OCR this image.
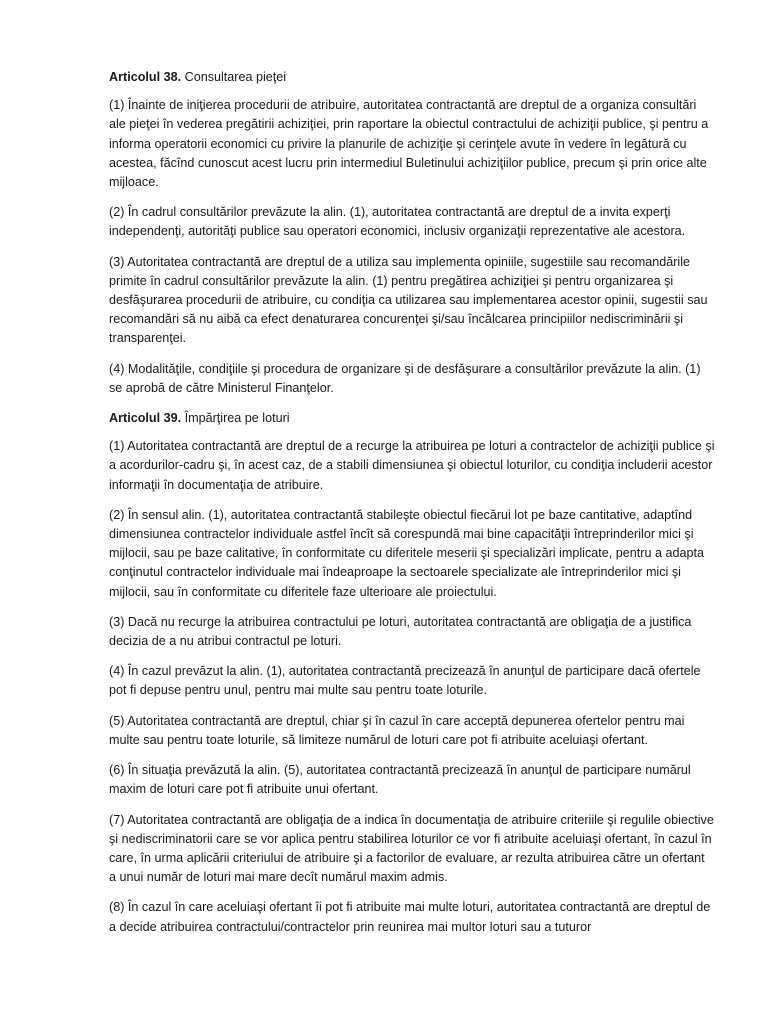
Articolul 38. Consultarea pieţei

(1) Înainte de iniţierea procedurii de atribuire, autoritatea contractantă are dreptul de a organiza consultări ale pieţei în vederea pregătirii achiziţiei, prin raportare la obiectul contractului de achiziţii publice, şi pentru a informa operatorii economici cu privire la planurile de achiziţie şi cerinţele avute în vedere în legătură cu acestea, făcînd cunoscut acest lucru prin intermediul Buletinului achiziţiilor publice, precum şi prin orice alte mijloace.

(2) În cadrul consultărilor prevăzute la alin. (1), autoritatea contractantă are dreptul de a invita experţi independenţi, autorităţi publice sau operatori economici, inclusiv organizaţii reprezentative ale acestora.

(3) Autoritatea contractantă are dreptul de a utiliza sau implementa opiniile, sugestiile sau recomandările primite în cadrul consultărilor prevăzute la alin. (1) pentru pregătirea achiziţiei şi pentru organizarea şi desfăşurarea procedurii de atribuire, cu condiţia ca utilizarea sau implementarea acestor opinii, sugestii sau recomandări să nu aibă ca efect denaturarea concurenţei şi/sau încălcarea principiilor nediscriminării şi transparenţei.

(4) Modalităţile, condiţiile şi procedura de organizare şi de desfăşurare a consultărilor prevăzute la alin. (1) se aprobă de către Ministerul Finanţelor.

Articolul 39. Împărţirea pe loturi

(1) Autoritatea contractantă are dreptul de a recurge la atribuirea pe loturi a contractelor de achiziţii publice şi a acordurilor-cadru şi, în acest caz, de a stabili dimensiunea şi obiectul loturilor, cu condiţia includerii acestor informaţii în documentaţia de atribuire.

(2) În sensul alin. (1), autoritatea contractantă stabileşte obiectul fiecărui lot pe baze cantitative, adaptînd dimensiunea contractelor individuale astfel încît să corespundă mai bine capacităţii întreprinderilor mici şi mijlocii, sau pe baze calitative, în conformitate cu diferitele meserii şi specializări implicate, pentru a adapta conţinutul contractelor individuale mai îndeaproape la sectoarele specializate ale întreprinderilor mici şi mijlocii, sau în conformitate cu diferitele faze ulterioare ale proiectului.

(3) Dacă nu recurge la atribuirea contractului pe loturi, autoritatea contractantă are obligaţia de a justifica decizia de a nu atribui contractul pe loturi.

(4) În cazul prevăzut la alin. (1), autoritatea contractantă precizează în anunţul de participare dacă ofertele pot fi depuse pentru unul, pentru mai multe sau pentru toate loturile.

(5) Autoritatea contractantă are dreptul, chiar şi în cazul în care acceptă depunerea ofertelor pentru mai multe sau pentru toate loturile, să limiteze numărul de loturi care pot fi atribuite aceluiaşi ofertant.

(6) În situaţia prevăzută la alin. (5), autoritatea contractantă precizează în anunţul de participare numărul maxim de loturi care pot fi atribuite unui ofertant.

(7) Autoritatea contractantă are obligaţia de a indica în documentaţia de atribuire criteriile şi regulile obiective şi nediscriminatorii care se vor aplica pentru stabilirea loturilor ce vor fi atribuite aceluiaşi ofertant, în cazul în care, în urma aplicării criteriului de atribuire şi a factorilor de evaluare, ar rezulta atribuirea către un ofertant a unui număr de loturi mai mare decît numărul maxim admis.

(8) În cazul în care aceluiaşi ofertant îi pot fi atribuite mai multe loturi, autoritatea contractantă are dreptul de a decide atribuirea contractului/contractelor prin reunirea mai multor loturi sau a tuturor
